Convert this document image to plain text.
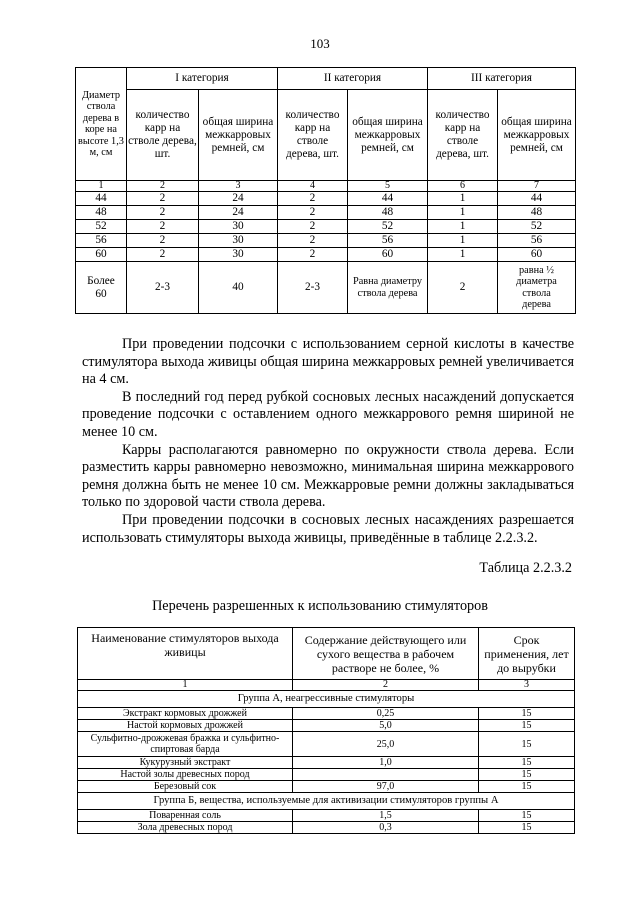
103
Диаметр ствола дерева в коре на высоте 1,3 м, см	I категория		II категория		III категория	
	количество карр на стволе дерева, шт.	общая ширина межкарровых ремней, см	количество карр на стволе дерева, шт.	общая ширина межкарровых ремней, см	количество карр на стволе дерева, шт.	общая ширина межкарровых ремней, см
1	2	3	4	5	6	7
44	2	24	2	44	1	44
48	2	24	2	48	1	48
52	2	30	2	52	1	52
56	2	30	2	56	1	56
60	2	30	2	60	1	60
Более 60	2-3	40	2-3	Равна диаметру ствола дерева	2	равна ½ диаметра ствола дерева

При проведении подсочки с использованием серной кислоты в качестве стимулятора выхода живицы общая ширина межкарровых ремней увеличивается на 4 см.

В последний год перед рубкой сосновых лесных насаждений допускается проведение подсочки с оставлением одного межкаррового ремня шириной не менее 10 см.

Карры располагаются равномерно по окружности ствола дерева. Если разместить карры равномерно невозможно, минимальная ширина межкаррового ремня должна быть не менее 10 см. Межкарровые ремни должны закладываться только по здоровой части ствола дерева.

При проведении подсочки в сосновых лесных насаждениях разрешается использовать стимуляторы выхода живицы, приведённые в таблице 2.2.3.2.

Таблица 2.2.3.2
Перечень разрешенных к использованию стимуляторов
Наименование стимуляторов выхода живицы	Содержание действующего или сухого вещества в рабочем растворе не более, %	Срок применения, лет до вырубки
1	2	3
Группа А, неагрессивные стимуляторы		
Экстракт кормовых дрожжей	0,25	15
Настой кормовых дрожжей	5,0	15
Сульфитно-дрожжевая бражка и сульфитно-спиртовая барда	25,0	15
Кукурузный экстракт	1,0	15
Настой золы древесных пород		15
Березовый сок	97,0	15
Группа Б, вещества, используемые для активизации стимуляторов группы А		
Поваренная соль	1,5	15
Зола древесных пород	0,3	15
